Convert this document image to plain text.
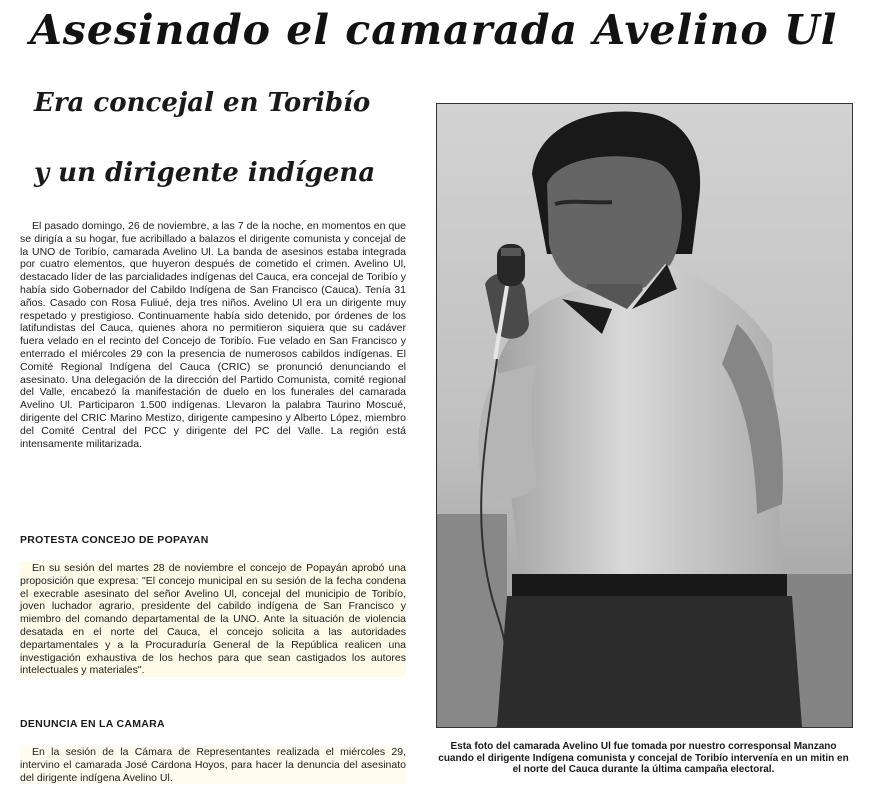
Asesinado el camarada Avelino Ul
Era concejal en Toribío
y un dirigente indígena

El pasado domingo, 26 de noviembre, a las 7 de la noche, en momentos en que se dirigía a su hogar, fue acribillado a balazos el dirigente comunista y concejal de la UNO de Toribío, camarada Avelino Ul. La banda de asesinos estaba integrada por cuatro elementos, que huyeron después de cometido el crimen. Avelino Ul, destacado líder de las parcialidades indígenas del Cauca, era concejal de Toribío y había sido Gobernador del Cabildo Indígena de San Francisco (Cauca). Tenía 31 años. Casado con Rosa Fuliué, deja tres niños. Avelino Ul era un dirigente muy respetado y prestigioso. Continuamente había sido detenido, por órdenes de los latifundistas del Cauca, quienes ahora no permitieron siquiera que su cadáver fuera velado en el recinto del Concejo de Toribío. Fue velado en San Francisco y enterrado el miércoles 29 con la presencia de numerosos cabildos indígenas. El Comité Regional Indígena del Cauca (CRIC) se pronunció denunciando el asesinato. Una delegación de la dirección del Partido Comunista, comité regional del Valle, encabezó la manifestación de duelo en los funerales del camarada Avelino Ul. Participaron 1.500 indígenas. Llevaron la palabra Taurino Moscué, dirigente del CRIC Marino Mestizo, dirigente campesino y Alberto López, miembro del Comité Central del PCC y dirigente del PC del Valle. La región está intensamente militarizada.

PROTESTA CONCEJO DE POPAYAN

En su sesión del martes 28 de noviembre el concejo de Popayán aprobó una proposición que expresa: "El concejo municipal en su sesión de la fecha condena el execrable asesinato del señor Avelino Ul, concejal del municipio de Toribío, joven luchador agrario, presidente del cabildo indígena de San Francisco y miembro del comando departamental de la UNO. Ante la situación de violencia desatada en el norte del Cauca, el concejo solicita a las autoridades departamentales y a la Procuraduría General de la República realicen una investigación exhaustiva de los hechos para que sean castigados los autores intelectuales y materiales".

DENUNCIA EN LA CAMARA

En la sesión de la Cámara de Representantes realizada el miércoles 29, intervino el camarada José Cardona Hoyos, para hacer la denuncia del asesinato del dirigente indígena Avelino Ul.

Esta foto del camarada Avelino Ul fue tomada por nuestro corresponsal Manzano cuando el dirigente Indígena comunista y concejal de Toribío intervenía en un mitin en el norte del Cauca durante la última campaña electoral.
